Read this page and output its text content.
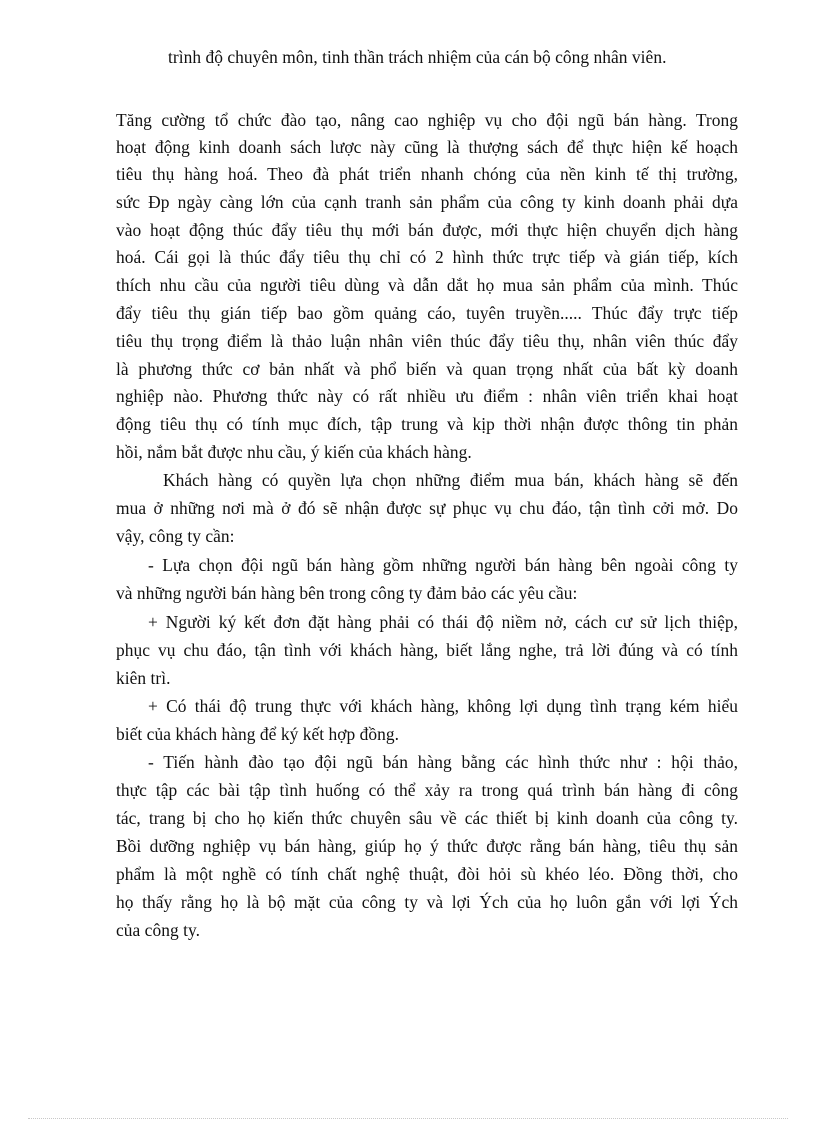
trình độ chuyên môn, tinh thần trách nhiệm của cán bộ công nhân viên.
Tăng cường tổ chức đào tạo, nâng cao nghiệp vụ cho đội ngũ bán hàng. Trong
hoạt động kinh doanh sách lược này cũng là thượng sách để thực hiện kế hoạch
tiêu thụ hàng hoá. Theo đà phát triển nhanh chóng của nền kinh tế thị trường,
sức Đp ngày càng lớn của cạnh tranh sản phẩm của công ty kinh doanh phải dựa
vào hoạt động thúc đẩy tiêu thụ mới bán được, mới thực hiện chuyển dịch hàng
hoá. Cái gọi là thúc đẩy tiêu thụ chỉ có 2 hình thức trực tiếp và gián tiếp, kích
thích nhu cầu của người tiêu dùng và dẫn dắt họ mua sản phẩm của mình. Thúc
đẩy tiêu thụ gián tiếp bao gồm quảng cáo, tuyên truyền..... Thúc đẩy trực tiếp
tiêu thụ trọng điểm là thảo luận nhân viên thúc đẩy tiêu thụ, nhân viên thúc đẩy
là phương thức cơ bản nhất và phổ biến và quan trọng nhất của bất kỳ doanh
nghiệp nào. Phương thức này có rất nhiều ưu điểm : nhân viên triển khai hoạt
động tiêu thụ có tính mục đích, tập trung và kịp thời nhận được thông tin phản
hồi, nắm bắt được nhu cầu, ý kiến của khách hàng.
Khách hàng có quyền lựa chọn những điểm mua bán, khách hàng sẽ đến
mua ở những nơi mà ở đó sẽ nhận được sự phục vụ chu đáo, tận tình cởi mở. Do
vậy, công ty cần:
- Lựa chọn đội ngũ bán hàng gồm những người bán hàng bên ngoài công ty
và những người bán hàng bên trong công ty đảm bảo các yêu cầu:
+ Người ký kết đơn đặt hàng phải có thái độ niềm nở, cách cư sử lịch thiệp,
phục vụ chu đáo, tận tình với khách hàng, biết lắng nghe, trả lời đúng và có tính
kiên trì.
+ Có thái độ trung thực với khách hàng, không lợi dụng tình trạng kém hiểu
biết của khách hàng để ký kết hợp đồng.
- Tiến hành đào tạo đội ngũ bán hàng bằng các hình thức như : hội thảo,
thực tập các bài tập tình huống có thể xảy ra trong quá trình bán hàng đi công
tác, trang bị cho họ kiến thức chuyên sâu về các thiết bị kinh doanh của công ty.
Bồi dưỡng nghiệp vụ bán hàng, giúp họ ý thức được rằng bán hàng, tiêu thụ sản
phẩm là một nghề có tính chất nghệ thuật, đòi hỏi sù khéo léo. Đồng thời, cho
họ thấy rằng họ là bộ mặt của công ty và lợi Ých của họ luôn gắn với lợi Ých
của công ty.
